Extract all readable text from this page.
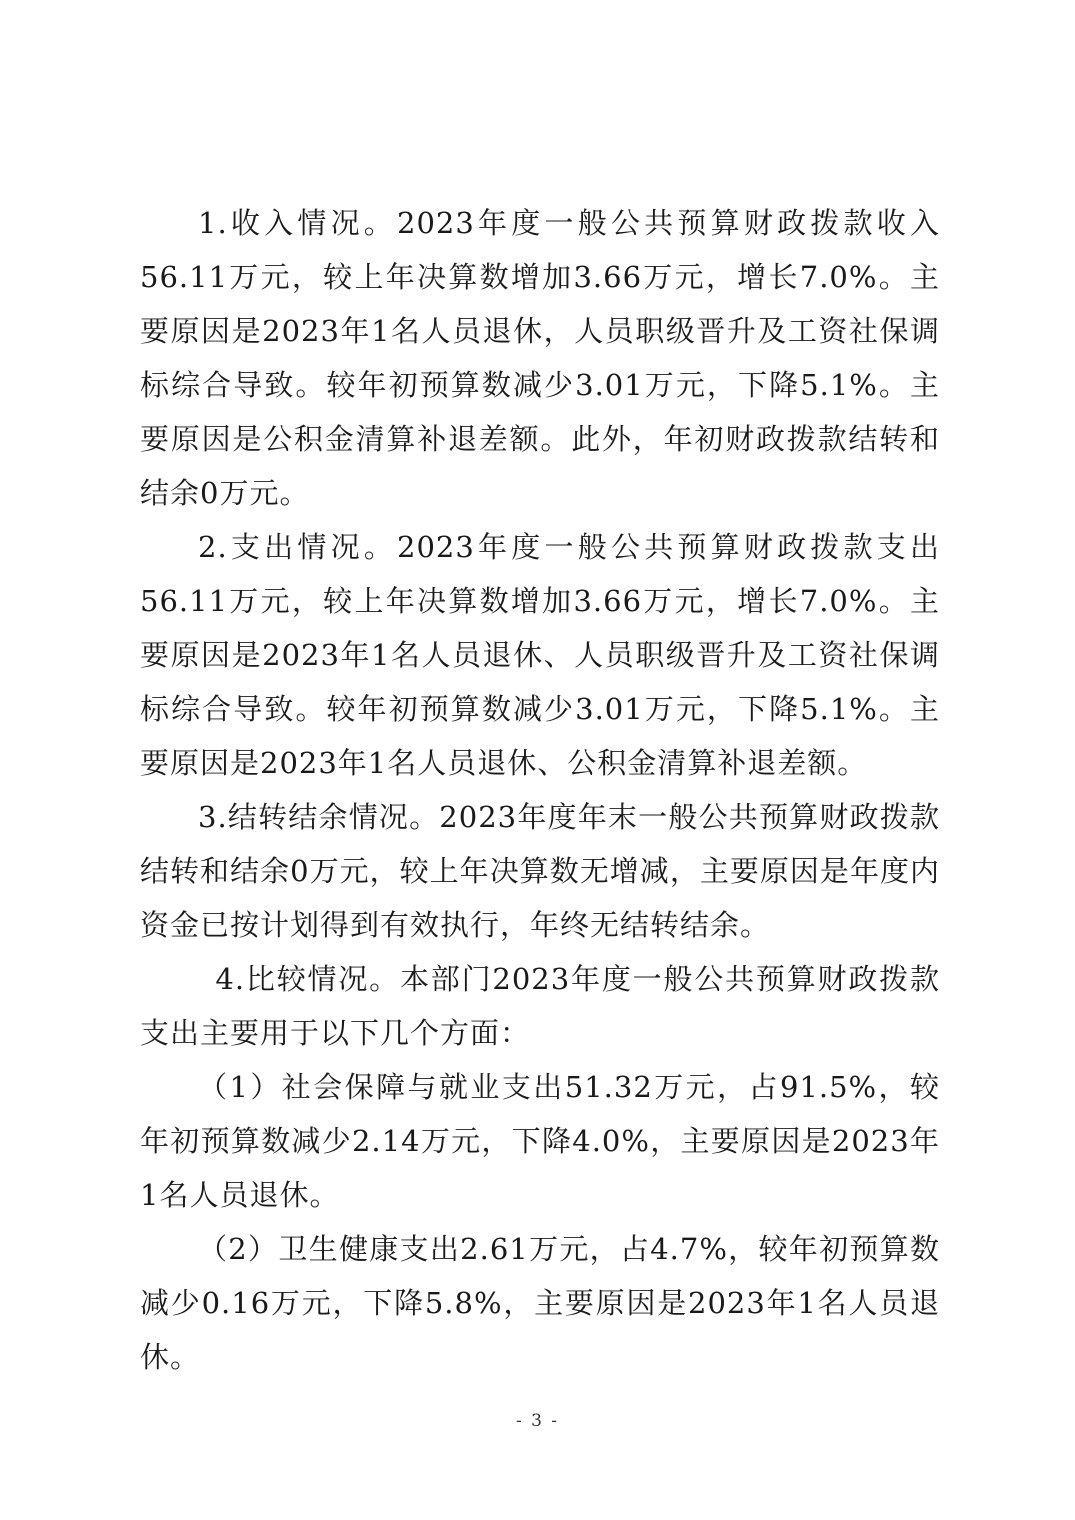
1.收入情况。2023年度一般公共预算财政拨款收入56.11万元，较上年决算数增加3.66万元，增长7.0%。主要原因是2023年1名人员退休，人员职级晋升及工资社保调标综合导致。较年初预算数减少3.01万元，下降5.1%。主要原因是公积金清算补退差额。此外，年初财政拨款结转和结余0万元。

2.支出情况。2023年度一般公共预算财政拨款支出56.11万元，较上年决算数增加3.66万元，增长7.0%。主要原因是2023年1名人员退休、人员职级晋升及工资社保调标综合导致。较年初预算数减少3.01万元，下降5.1%。主要原因是2023年1名人员退休、公积金清算补退差额。

3.结转结余情况。2023年度年末一般公共预算财政拨款结转和结余0万元，较上年决算数无增减，主要原因是年度内资金已按计划得到有效执行，年终无结转结余。

4.比较情况。本部门2023年度一般公共预算财政拨款支出主要用于以下几个方面：

（1）社会保障与就业支出51.32万元，占91.5%，较年初预算数减少2.14万元，下降4.0%，主要原因是2023年1名人员退休。

（2）卫生健康支出2.61万元，占4.7%，较年初预算数减少0.16万元，下降5.8%，主要原因是2023年1名人员退休。

- 3 -
